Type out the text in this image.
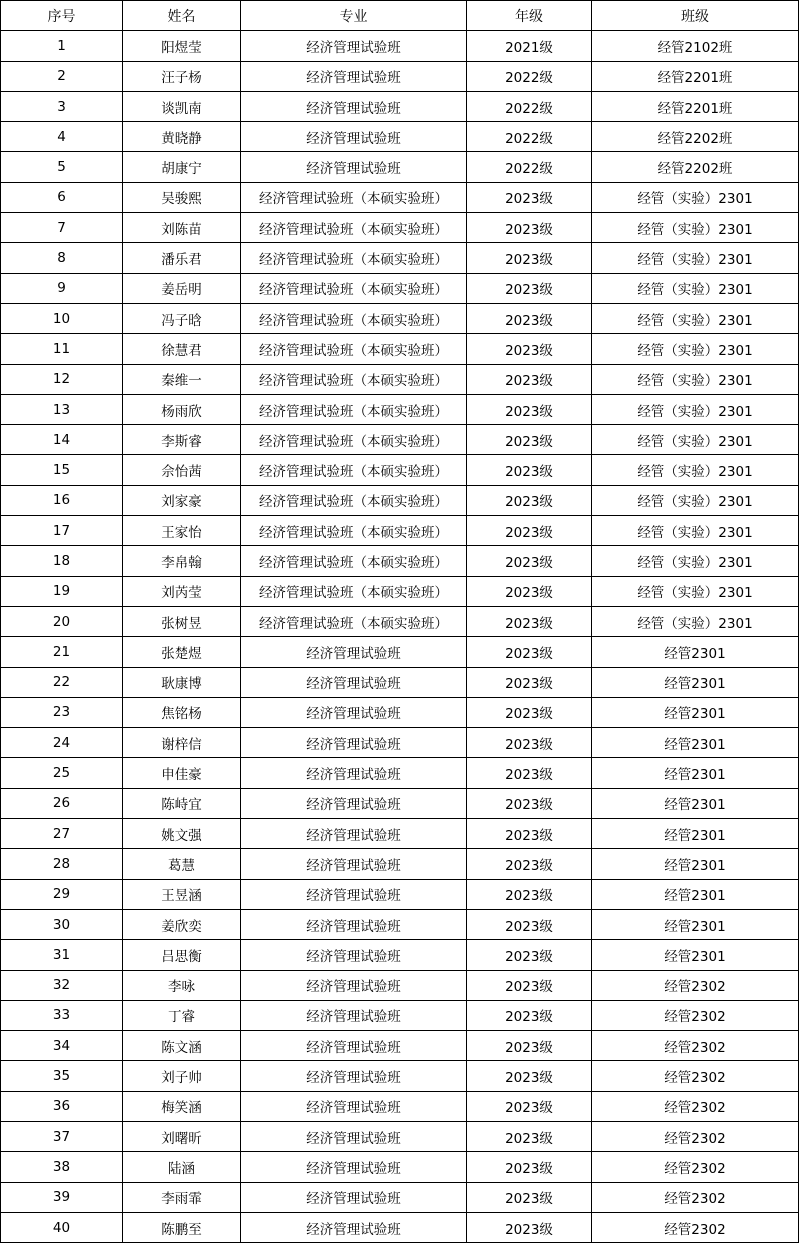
序号	姓名	专业	年级	班级
1	阳煜莹	经济管理试验班	2021级	经管2102班
2	汪子杨	经济管理试验班	2022级	经管2201班
3	谈凯南	经济管理试验班	2022级	经管2201班
4	黄晓静	经济管理试验班	2022级	经管2202班
5	胡康宁	经济管理试验班	2022级	经管2202班
6	吴骏熙	经济管理试验班（本硕实验班）	2023级	经管（实验）2301
7	刘陈苗	经济管理试验班（本硕实验班）	2023级	经管（实验）2301
8	潘乐君	经济管理试验班（本硕实验班）	2023级	经管（实验）2301
9	姜岳明	经济管理试验班（本硕实验班）	2023级	经管（实验）2301
10	冯子晗	经济管理试验班（本硕实验班）	2023级	经管（实验）2301
11	徐慧君	经济管理试验班（本硕实验班）	2023级	经管（实验）2301
12	秦维一	经济管理试验班（本硕实验班）	2023级	经管（实验）2301
13	杨雨欣	经济管理试验班（本硕实验班）	2023级	经管（实验）2301
14	李斯睿	经济管理试验班（本硕实验班）	2023级	经管（实验）2301
15	佘怡茜	经济管理试验班（本硕实验班）	2023级	经管（实验）2301
16	刘家豪	经济管理试验班（本硕实验班）	2023级	经管（实验）2301
17	王家怡	经济管理试验班（本硕实验班）	2023级	经管（实验）2301
18	李帛翰	经济管理试验班（本硕实验班）	2023级	经管（实验）2301
19	刘芮莹	经济管理试验班（本硕实验班）	2023级	经管（实验）2301
20	张树昱	经济管理试验班（本硕实验班）	2023级	经管（实验）2301
21	张楚煜	经济管理试验班	2023级	经管2301
22	耿康博	经济管理试验班	2023级	经管2301
23	焦铭杨	经济管理试验班	2023级	经管2301
24	谢梓信	经济管理试验班	2023级	经管2301
25	申佳豪	经济管理试验班	2023级	经管2301
26	陈峙宜	经济管理试验班	2023级	经管2301
27	姚文强	经济管理试验班	2023级	经管2301
28	葛慧	经济管理试验班	2023级	经管2301
29	王昱涵	经济管理试验班	2023级	经管2301
30	姜欣奕	经济管理试验班	2023级	经管2301
31	吕思衡	经济管理试验班	2023级	经管2301
32	李咏	经济管理试验班	2023级	经管2302
33	丁睿	经济管理试验班	2023级	经管2302
34	陈文涵	经济管理试验班	2023级	经管2302
35	刘子帅	经济管理试验班	2023级	经管2302
36	梅笑涵	经济管理试验班	2023级	经管2302
37	刘曙昕	经济管理试验班	2023级	经管2302
38	陆涵	经济管理试验班	2023级	经管2302
39	李雨霏	经济管理试验班	2023级	经管2302
40	陈鹏至	经济管理试验班	2023级	经管2302
